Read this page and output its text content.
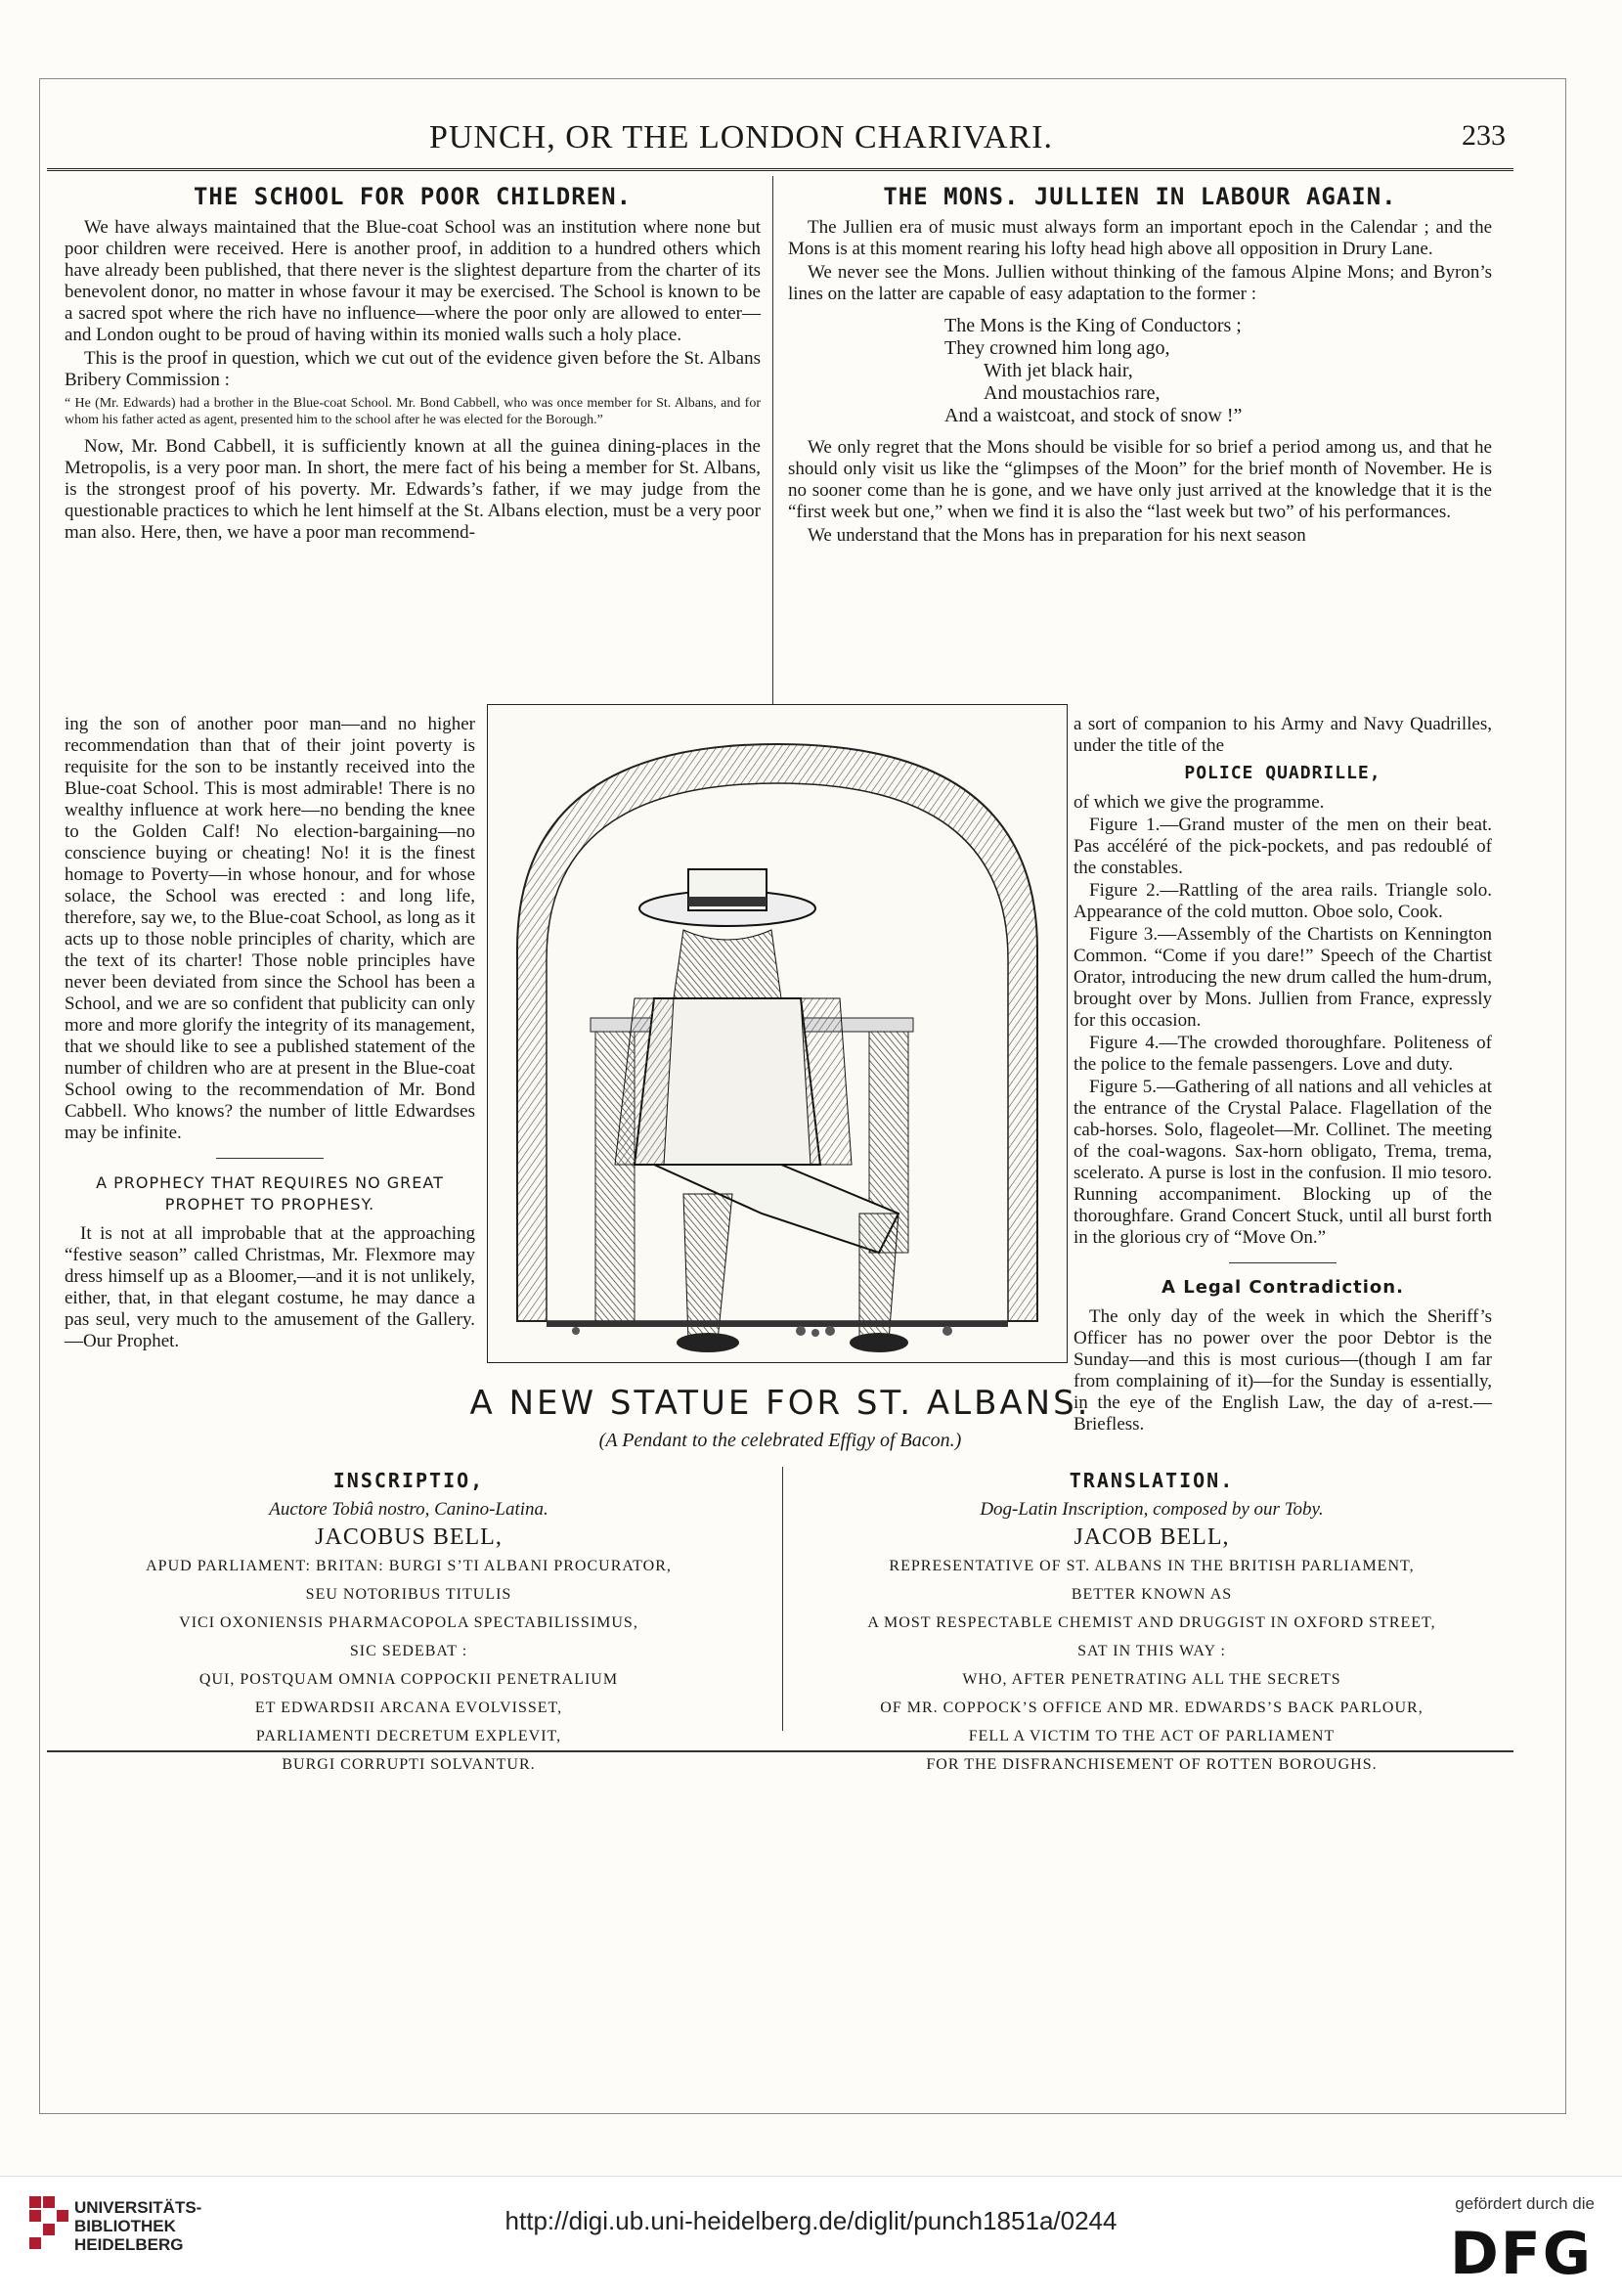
PUNCH, OR THE LONDON CHARIVARI.	233
THE SCHOOL FOR POOR CHILDREN.

We have always maintained that the Blue-coat School was an institution where none but poor children were received. Here is another proof, in addition to a hundred others which have already been published, that there never is the slightest departure from the charter of its benevolent donor, no matter in whose favour it may be exercised. The School is known to be a sacred spot where the rich have no influence—where the poor only are allowed to enter—and London ought to be proud of having within its monied walls such a holy place.

This is the proof in question, which we cut out of the evidence given before the St. Albans Bribery Commission :

“ He (Mr. Edwards) had a brother in the Blue-coat School. Mr. Bond Cabbell, who was once member for St. Albans, and for whom his father acted as agent, presented him to the school after he was elected for the Borough.”

Now, Mr. Bond Cabbell, it is sufficiently known at all the guinea dining-places in the Metropolis, is a very poor man. In short, the mere fact of his being a member for St. Albans, is the strongest proof of his poverty. Mr. Edwards’s father, if we may judge from the questionable practices to which he lent himself at the St. Albans election, must be a very poor man also. Here, then, we have a poor man recommend-

ing the son of another poor man—and no higher recommendation than that of their joint poverty is requisite for the son to be instantly received into the Blue-coat School. This is most admirable! There is no wealthy influence at work here—no bending the knee to the Golden Calf! No election-bargaining—no conscience buying or cheating! No! it is the finest homage to Poverty—in whose honour, and for whose solace, the School was erected : and long life, therefore, say we, to the Blue-coat School, as long as it acts up to those noble principles of charity, which are the text of its charter! Those noble principles have never been deviated from since the School has been a School, and we are so confident that publicity can only more and more glorify the integrity of its management, that we should like to see a published statement of the number of children who are at present in the Blue-coat School owing to the recommendation of Mr. Bond Cabbell. Who knows? the number of little Edwardses may be infinite.

A PROPHECY THAT REQUIRES NO GREAT PROPHET TO PROPHESY.

It is not at all improbable that at the approaching “festive season” called Christmas, Mr. Flexmore may dress himself up as a Bloomer,—and it is not unlikely, either, that, in that elegant costume, he may dance a pas seul, very much to the amusement of the Gallery.—Our Prophet.

THE MONS. JULLIEN IN LABOUR AGAIN.

The Jullien era of music must always form an important epoch in the Calendar ; and the Mons is at this moment rearing his lofty head high above all opposition in Drury Lane.

We never see the Mons. Jullien without thinking of the famous Alpine Mons; and Byron’s lines on the latter are capable of easy adaptation to the former :

The Mons is the King of Conductors ;
They crowned him long ago,
With jet black hair,
And moustachios rare,
And a waistcoat, and stock of snow !”

We only regret that the Mons should be visible for so brief a period among us, and that he should only visit us like the “glimpses of the Moon” for the brief month of November. He is no sooner come than he is gone, and we have only just arrived at the knowledge that it is the “first week but one,” when we find it is also the “last week but two” of his performances.

We understand that the Mons has in preparation for his next season

a sort of companion to his Army and Navy Quadrilles, under the title of the

POLICE QUADRILLE,

of which we give the programme.

Figure 1.—Grand muster of the men on their beat. Pas accéléré of the pick-pockets, and pas redoublé of the constables.

Figure 2.—Rattling of the area rails. Triangle solo. Appearance of the cold mutton. Oboe solo, Cook.

Figure 3.—Assembly of the Chartists on Kennington Common. “Come if you dare!” Speech of the Chartist Orator, introducing the new drum called the hum-drum, brought over by Mons. Jullien from France, expressly for this occasion.

Figure 4.—The crowded thoroughfare. Politeness of the police to the female passengers. Love and duty.

Figure 5.—Gathering of all nations and all vehicles at the entrance of the Crystal Palace. Flagellation of the cab-horses. Solo, flageolet—Mr. Collinet. The meeting of the coal-wagons. Sax-horn obligato, Trema, trema, scelerato. A purse is lost in the confusion. Il mio tesoro. Running accompaniment. Blocking up of the thoroughfare. Grand Concert Stuck, until all burst forth in the glorious cry of “Move On.”

A Legal Contradiction.

The only day of the week in which the Sheriff’s Officer has no power over the poor Debtor is the Sunday—and this is most curious—(though I am far from complaining of it)—for the Sunday is essentially, in the eye of the English Law, the day of a-rest.—Briefless.

A NEW STATUE FOR ST. ALBANS.
(A Pendant to the celebrated Effigy of Bacon.)
INSCRIPTIO,
Auctore Tobiâ nostro, Canino-Latina.
JACOBUS BELL,
APUD PARLIAMENT: BRITAN: BURGI S’TI ALBANI PROCURATOR,
SEU NOTORIBUS TITULIS
VICI OXONIENSIS PHARMACOPOLA SPECTABILISSIMUS,
SIC SEDEBAT :
QUI, POSTQUAM OMNIA COPPOCKII PENETRALIUM
ET EDWARDSII ARCANA EVOLVISSET,
PARLIAMENTI DECRETUM EXPLEVIT,
BURGI CORRUPTI SOLVANTUR.
TRANSLATION.
Dog-Latin Inscription, composed by our Toby.
JACOB BELL,
REPRESENTATIVE OF ST. ALBANS IN THE BRITISH PARLIAMENT,
BETTER KNOWN AS
A MOST RESPECTABLE CHEMIST AND DRUGGIST IN OXFORD STREET,
SAT IN THIS WAY :
WHO, AFTER PENETRATING ALL THE SECRETS
OF MR. COPPOCK’S OFFICE AND MR. EDWARDS’S BACK PARLOUR,
FELL A VICTIM TO THE ACT OF PARLIAMENT
FOR THE DISFRANCHISEMENT OF ROTTEN BOROUGHS.
UNIVERSITÄTS-
BIBLIOTHEK
HEIDELBERG
http://digi.ub.uni-heidelberg.de/diglit/punch1851a/0244
gefördert durch die
DFG
